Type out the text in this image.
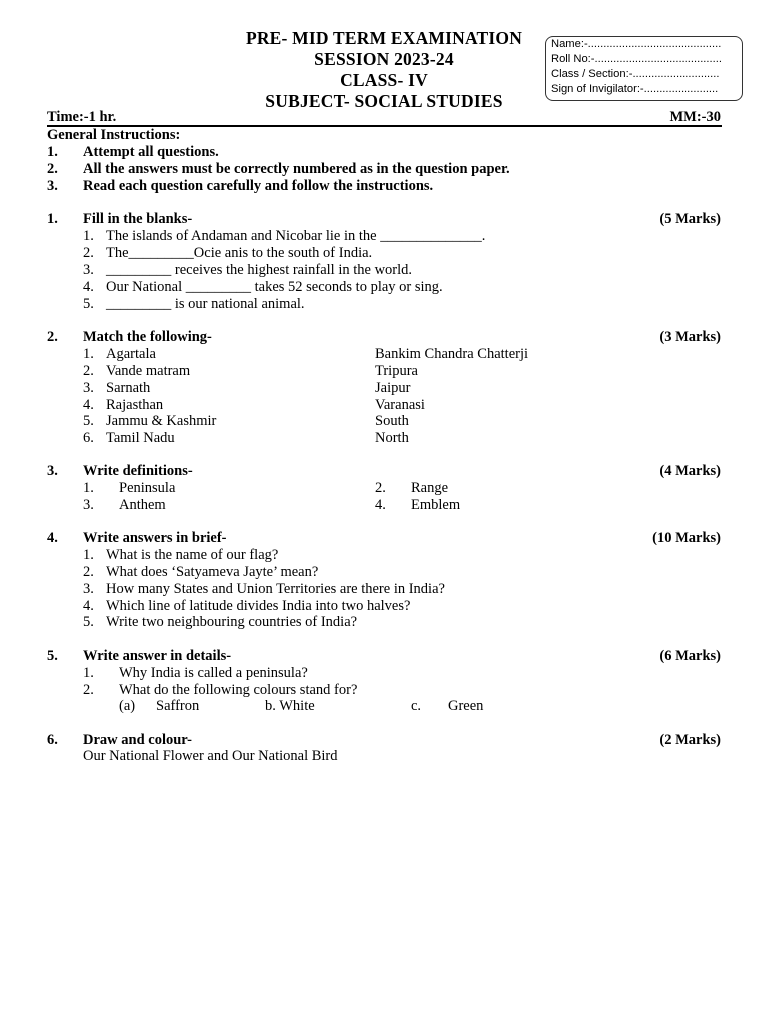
PRE- MID TERM EXAMINATION
SESSION 2023-24
CLASS- IV
SUBJECT- SOCIAL STUDIES
Name:-...........................................
Roll No:-.........................................
Class / Section:-............................
Sign of Invigilator:-........................
Time:-1 hr.	MM:-30
General Instructions:
1. Attempt all questions.
2. All the answers must be correctly numbered as in the question paper.
3. Read each question carefully and follow the instructions.
1. Fill in the blanks-	(5 Marks)
1. The islands of Andaman and Nicobar lie in the ______________.
2. The_________Ocie anis to the south of India.
3. _________ receives the highest rainfall in the world.
4. Our National _________ takes 52 seconds to play or sing.
5. _________ is our national animal.
2. Match the following-	(3 Marks)
1. Agartala	Bankim Chandra Chatterji
2. Vande matram	Tripura
3. Sarnath	Jaipur
4. Rajasthan	Varanasi
5. Jammu & Kashmir	South
6. Tamil Nadu	North
3. Write definitions-	(4 Marks)
1. Peninsula	2. Range
3. Anthem	4. Emblem
4. Write answers in brief-	(10 Marks)
1. What is the name of our flag?
2. What does ‘Satyameva Jayte’ mean?
3. How many States and Union Territories are there in India?
4. Which line of latitude divides India into two halves?
5. Write two neighbouring countries of India?
5. Write answer in details-	(6 Marks)
1. Why India is called a peninsula?
2. What do the following colours stand for?
(a) Saffron	b. White	c. Green
6. Draw and colour-	(2 Marks)
Our National Flower and Our National Bird
